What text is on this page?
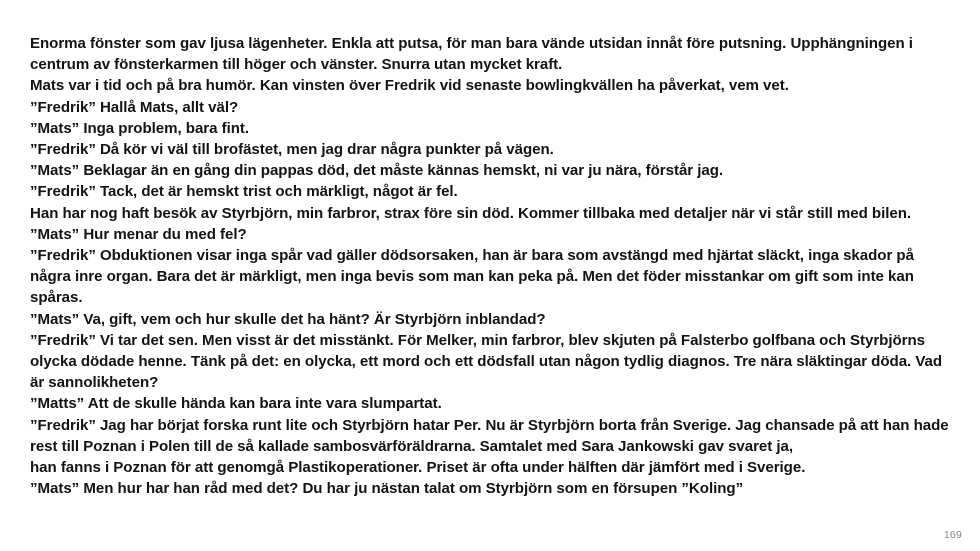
Enorma fönster som gav ljusa lägenheter. Enkla att putsa, för man bara vände utsidan innåt före putsning. Upphängningen i centrum av fönsterkarmen till höger och vänster. Snurra utan mycket kraft.

Mats var i tid och på bra humör. Kan vinsten över Fredrik vid senaste bowlingkvällen ha påverkat, vem vet.

”Fredrik” Hallå Mats, allt väl?

”Mats” Inga problem, bara fint.

”Fredrik” Då kör vi väl till brofästet, men jag drar några punkter på vägen.

”Mats” Beklagar än en gång din pappas död, det måste kännas hemskt, ni var ju nära, förstår jag.

”Fredrik” Tack, det är hemskt trist och märkligt, något är fel.

Han har nog haft besök av Styrbjörn, min farbror, strax före sin död. Kommer tillbaka med detaljer när vi står still med bilen.

”Mats” Hur menar du med fel?

”Fredrik” Obduktionen visar inga spår vad gäller dödsorsaken, han är bara som avstängd med hjärtat släckt, inga skador på några inre organ. Bara det är märkligt, men inga bevis som man kan peka på. Men det föder misstankar om gift som inte kan spåras.

”Mats” Va, gift, vem och hur skulle det ha hänt? Är Styrbjörn inblandad?

”Fredrik” Vi tar det sen. Men visst är det misstänkt. För Melker, min farbror, blev skjuten på Falsterbo golfbana och Styrbjörns olycka dödade henne. Tänk på det: en olycka, ett mord och ett dödsfall utan någon tydlig diagnos. Tre nära släktingar döda. Vad är sannolikheten?

”Matts” Att de skulle hända kan bara inte vara slumpartat.

”Fredrik” Jag har börjat forska runt lite och Styrbjörn hatar Per. Nu är Styrbjörn borta från Sverige. Jag chansade på att han hade rest till Poznan i Polen till de så kallade sambosvärföräldrarna. Samtalet med Sara Jankowski gav svaret ja,

han fanns i Poznan för att genomgå Plastikoperationer. Priset är ofta under hälften där jämfört med i Sverige.

”Mats” Men hur har han råd med det? Du har ju nästan talat om Styrbjörn som en försupen ”Koling”

169
